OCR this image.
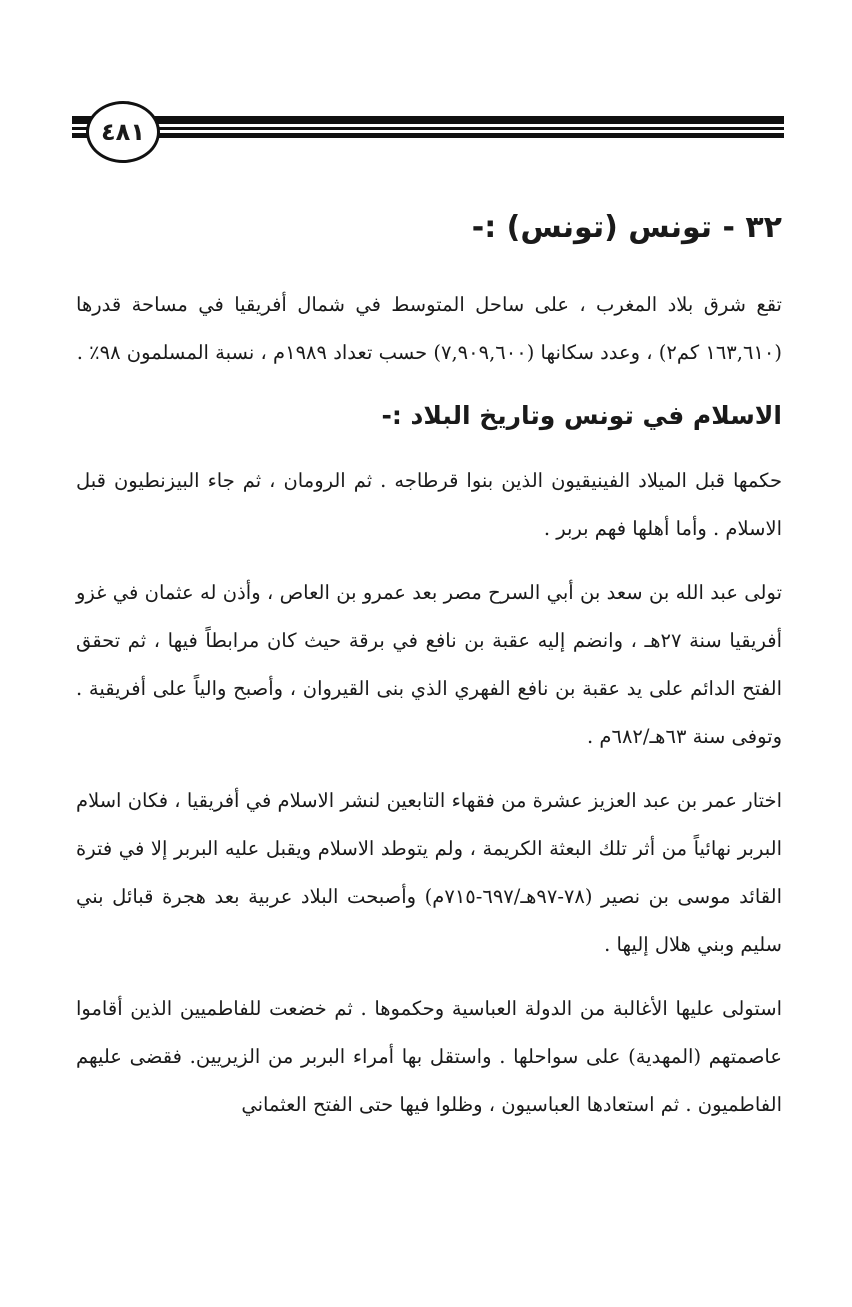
٤٨١
٣٢ - تونس (تونس) :-

تقع شرق بلاد المغرب ، على ساحل المتوسط في شمال أفريقيا في مساحة قدرها (١٦٣,٦١٠ كم٢) ، وعدد سكانها (٧,٩٠٩,٦٠٠) حسب تعداد ١٩٨٩م ، نسبة المسلمون ٩٨٪ .

الاسلام في تونس وتاريخ البلاد :-

حكمها قبل الميلاد الفينيقيون الذين بنوا قرطاجه . ثم الرومان ، ثم جاء البيزنطيون قبل الاسلام . وأما أهلها فهم بربر .

تولى عبد الله بن سعد بن أبي السرح مصر بعد عمرو بن العاص ، وأذن له عثمان في غزو أفريقيا سنة ٢٧هـ ، وانضم إليه عقبة بن نافع في برقة حيث كان مرابطاً فيها ، ثم تحقق الفتح الدائم على يد عقبة بن نافع الفهري الذي بنى القيروان ، وأصبح والياً على أفريقية . وتوفى سنة ٦٣هـ/٦٨٢م .

اختار عمر بن عبد العزيز عشرة من فقهاء التابعين لنشر الاسلام في أفريقيا ، فكان اسلام البربر نهائياً من أثر تلك البعثة الكريمة ، ولم يتوطد الاسلام ويقبل عليه البربر إلا في فترة القائد موسى بن نصير (٧٨-٩٧هـ/٦٩٧-٧١٥م) وأصبحت البلاد عربية بعد هجرة قبائل بني سليم وبني هلال إليها .

استولى عليها الأغالبة من الدولة العباسية وحكموها . ثم خضعت للفاطميين الذين أقاموا عاصمتهم (المهدية) على سواحلها . واستقل بها أمراء البربر من الزيريين. فقضى عليهم الفاطميون . ثم استعادها العباسيون ، وظلوا فيها حتى الفتح العثماني
